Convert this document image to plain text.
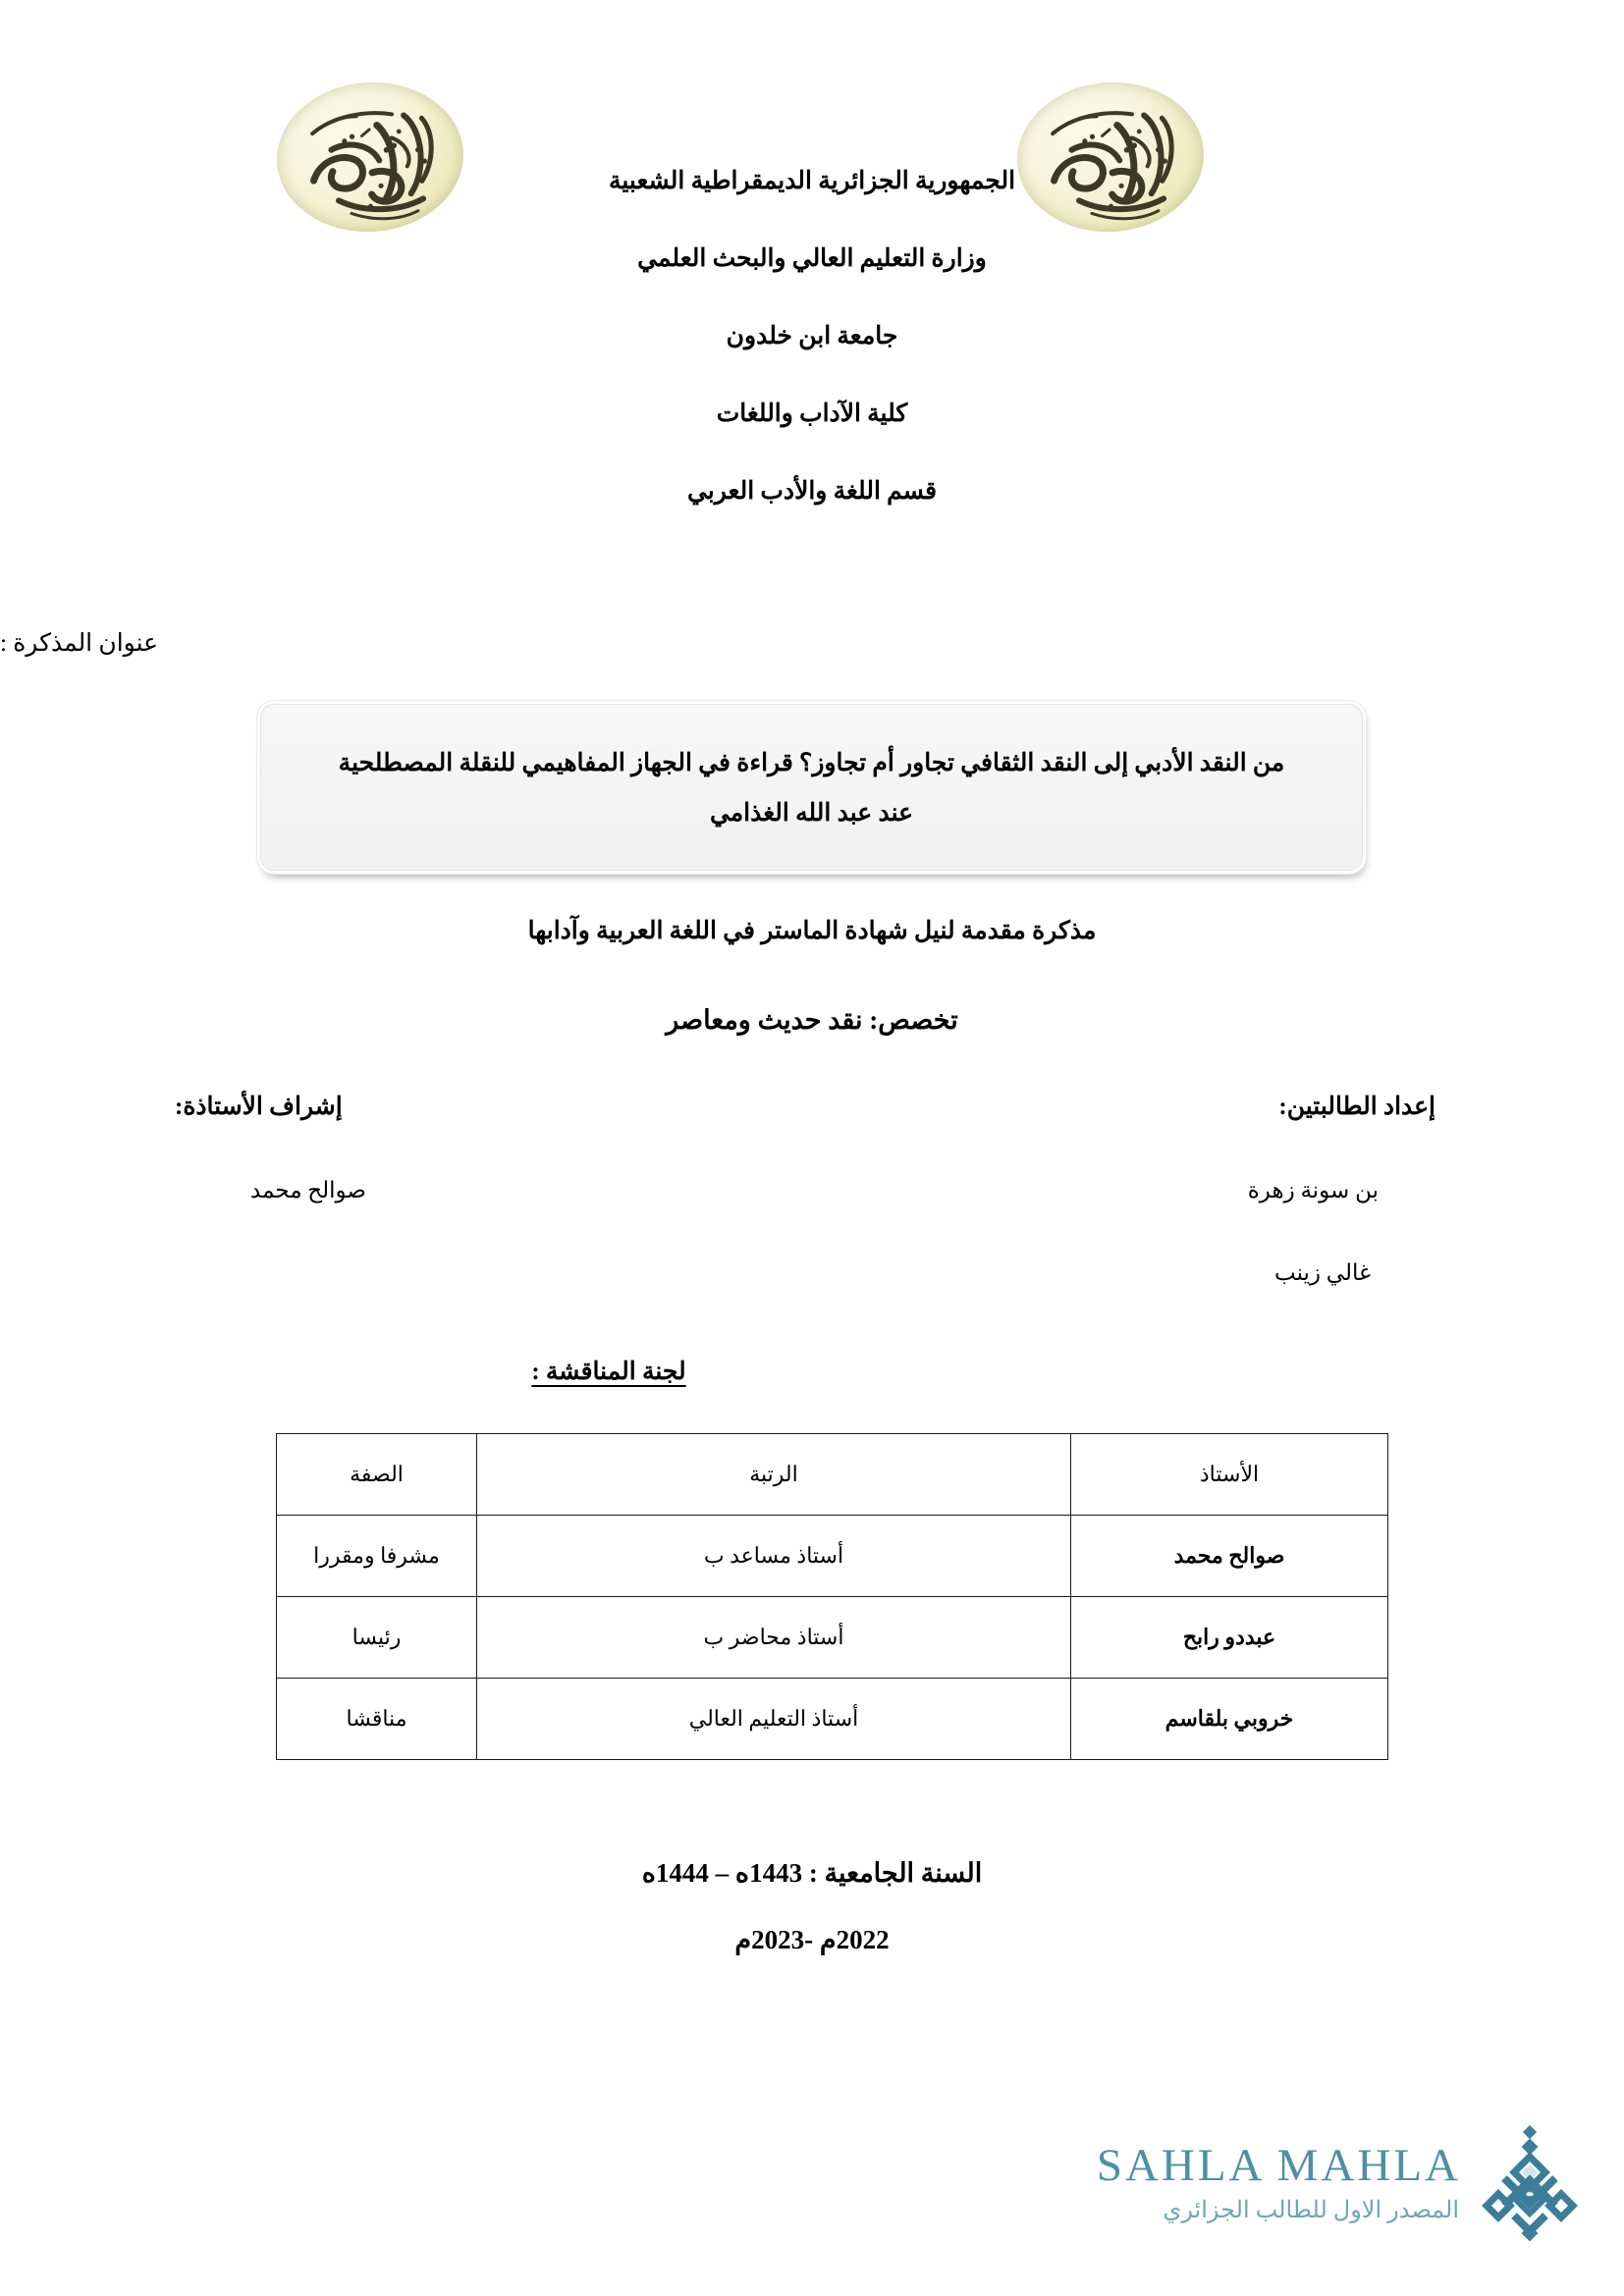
الجمهورية الجزائرية الديمقراطية الشعبية
وزارة التعليم العالي والبحث العلمي
جامعة ابن خلدون
كلية الآداب واللغات
قسم اللغة والأدب العربي
عنوان المذكرة :
من النقد الأدبي إلى النقد الثقافي تجاور أم تجاوز؟ قراءة في الجهاز المفاهيمي للنقلة المصطلحية عند عبد الله الغذامي
مذكرة مقدمة لنيل شهادة الماستر في اللغة العربية وآدابها
تخصص: نقد حديث ومعاصر
إعداد الطالبتين:
إشراف الأستاذة:
بن سونة زهرة
غالي زينب
صوالح محمد
لجنة المناقشة :
الأستاذ	الرتبة	الصفة
صوالح محمد	أستاذ مساعد ب	مشرفا ومقررا
عبددو رابح	أستاذ محاضر ب	رئيسا
خروبي بلقاسم	أستاذ التعليم العالي	مناقشا
السنة الجامعية : 1443ه – 1444ه
2022م -2023م
SAHLA MAHLA
المصدر الاول للطالب الجزائري
